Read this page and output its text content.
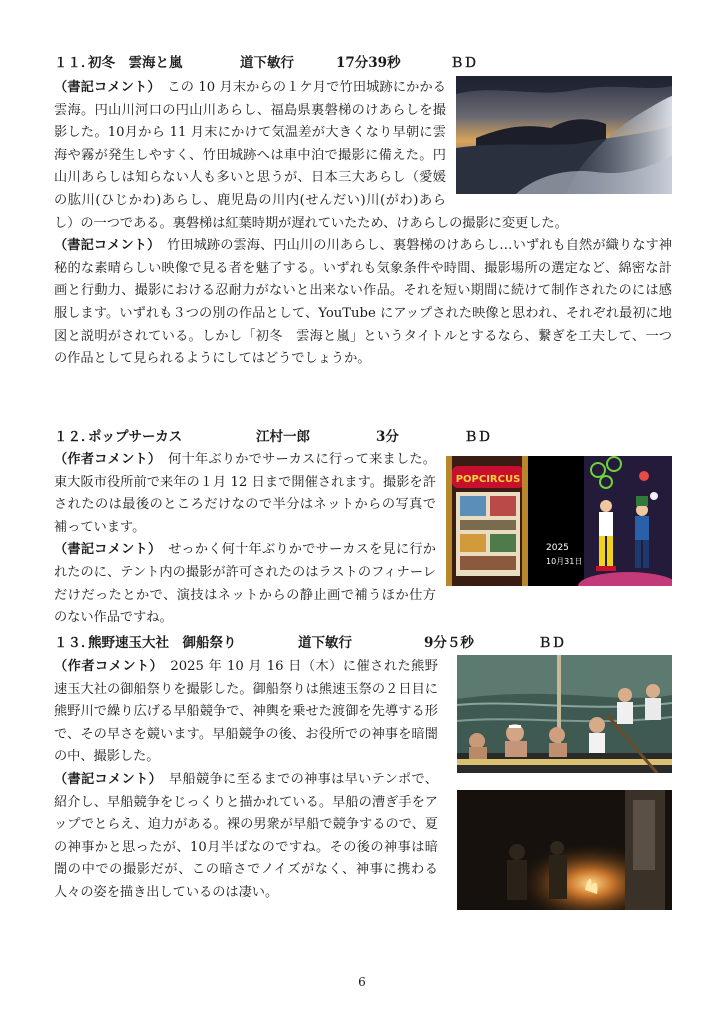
１１．
初冬　雲海と嵐	道下敏行	17分39秒	ＢＤ

（書記コメント）　この 10 月末からの１ケ月で竹田城跡にかかる雲海。円山川河口の円山川あらし、福島県裏磐梯のけあらしを撮影した。10月から 11 月末にかけて気温差が大きくなり早朝に雲海や霧が発生しやすく、竹田城跡へは車中泊で撮影に備えた。円山川あらしは知らない人も多いと思うが、日本三大あらし（愛媛の肱川(ひじかわ)あらし、鹿児島の川内(せんだい)川(がわ)あらし）の一つである。裏磐梯は紅葉時期が遅れていたため、けあらしの撮影に変更した。

（書記コメント）　竹田城跡の雲海、円山川の川あらし、裏磐梯のけあらし…いずれも自然が織りなす神秘的な素晴らしい映像で見る者を魅了する。いずれも気象条件や時間、撮影場所の選定など、綿密な計画と行動力、撮影における忍耐力がないと出来ない作品。それを短い期間に続けて制作されたのには感服します。いずれも３つの別の作品として、YouTube にアップされた映像と思われ、それぞれ最初に地図と説明がされている。しかし「初冬　雲海と嵐」というタイトルとするなら、繋ぎを工夫して、一つの作品として見られるようにしてはどうでしょうか。

１２．
ポップサーカス	江村一郎	3分	ＢＤ

（作者コメント）　何十年ぶりかでサーカスに行って来ました。東大阪市役所前で来年の１月 12 日まで開催されます。撮影を許されたのは最後のところだけなので半分はネットからの写真で補っています。

（書記コメント）　せっかく何十年ぶりかでサーカスを見に行かれたのに、テント内の撮影が許可されたのはラストのフィナーレだけだったとかで、演技はネットからの静止画で補うほか仕方のない作品ですね。

POPCIRCUS
2025
10月31日
１３．
熊野速玉大社　御船祭り	道下敏行	9分５秒	ＢＤ

（作者コメント）　2025 年 10 月 16 日（木）に催された熊野速玉大社の御船祭りを撮影した。御船祭りは熊速玉祭の２日目に熊野川で繰り広げる早船競争で、神輿を乗せた渡御を先導する形で、その早さを競います。早船競争の後、お役所での神事を暗闇の中、撮影した。

（書記コメント）　早船競争に至るまでの神事は早いテンポで、紹介し、早船競争をじっくりと描かれている。早船の漕ぎ手をアップでとらえ、迫力がある。裸の男衆が早船で競争するので、夏の神事かと思ったが、10月半ばなのですね。その後の神事は暗闇の中での撮影だが、この暗さでノイズがなく、神事に携わる人々の姿を描き出しているのは凄い。

6
